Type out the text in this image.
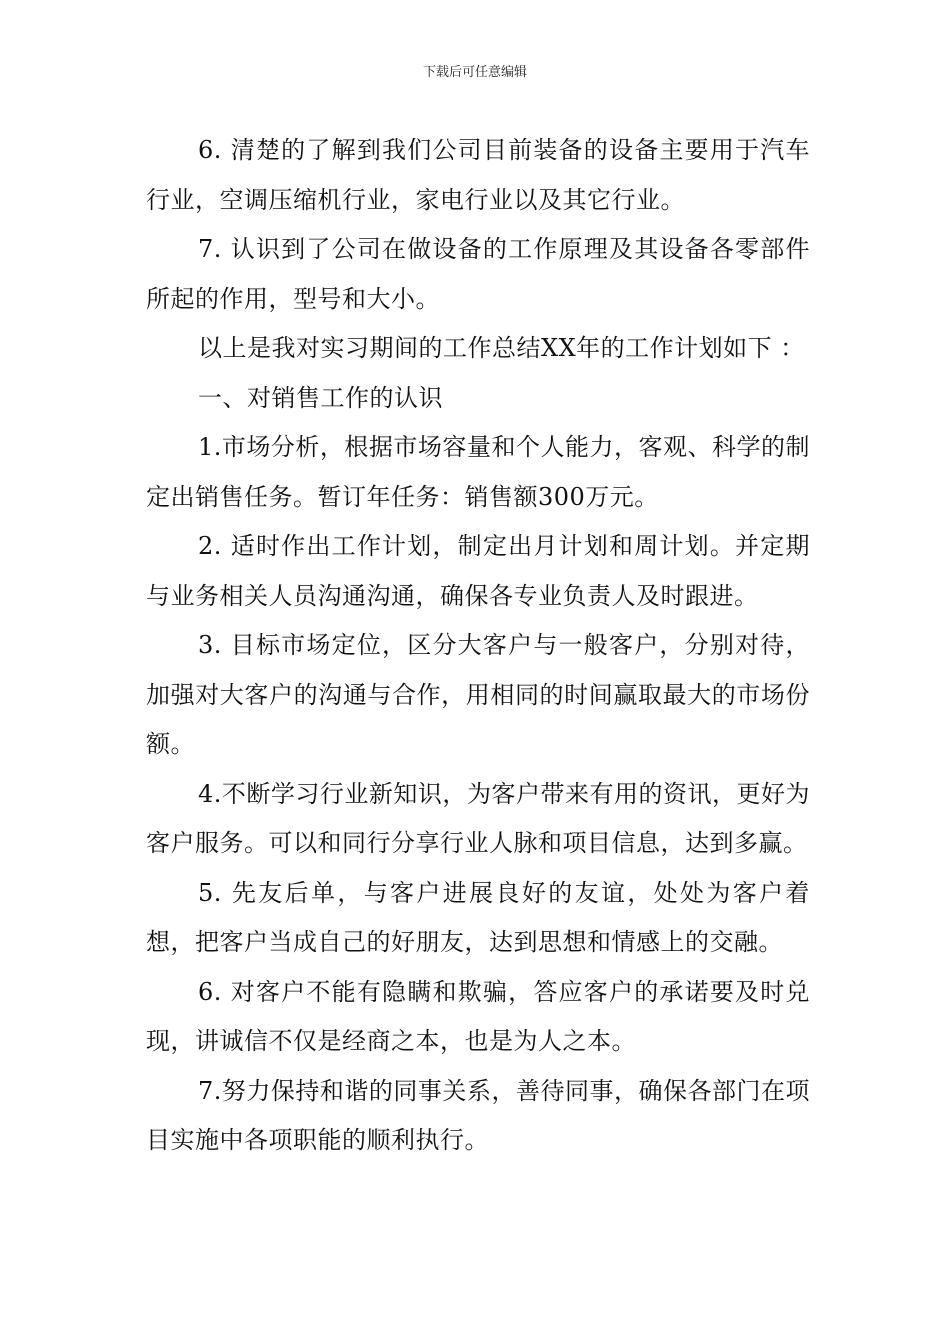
下载后可任意编辑

6. 清楚的了解到我们公司目前装备的设备主要用于汽车行业，空调压缩机行业，家电行业以及其它行业。

7. 认识到了公司在做设备的工作原理及其设备各零部件所起的作用，型号和大小。

以上是我对实习期间的工作总结XX年的工作计划如下 ：

一、对销售工作的认识

1.市场分析，根据市场容量和个人能力，客观、科学的制定出销售任务。暂订年任务：销售额300万元。

2. 适时作出工作计划，制定出月计划和周计划。并定期与业务相关人员沟通沟通，确保各专业负责人及时跟进。

3. 目标市场定位，区分大客户与一般客户，分别对待，加强对大客户的沟通与合作，用相同的时间赢取最大的市场份额。

4.不断学习行业新知识，为客户带来有用的资讯，更好为客户服务。可以和同行分享行业人脉和项目信息，达到多赢。

5. 先友后单，与客户进展良好的友谊，处处为客户着想，把客户当成自己的好朋友，达到思想和情感上的交融。

6. 对客户不能有隐瞒和欺骗，答应客户的承诺要及时兑现，讲诚信不仅是经商之本，也是为人之本。

7.努力保持和谐的同事关系，善待同事，确保各部门在项目实施中各项职能的顺利执行。
